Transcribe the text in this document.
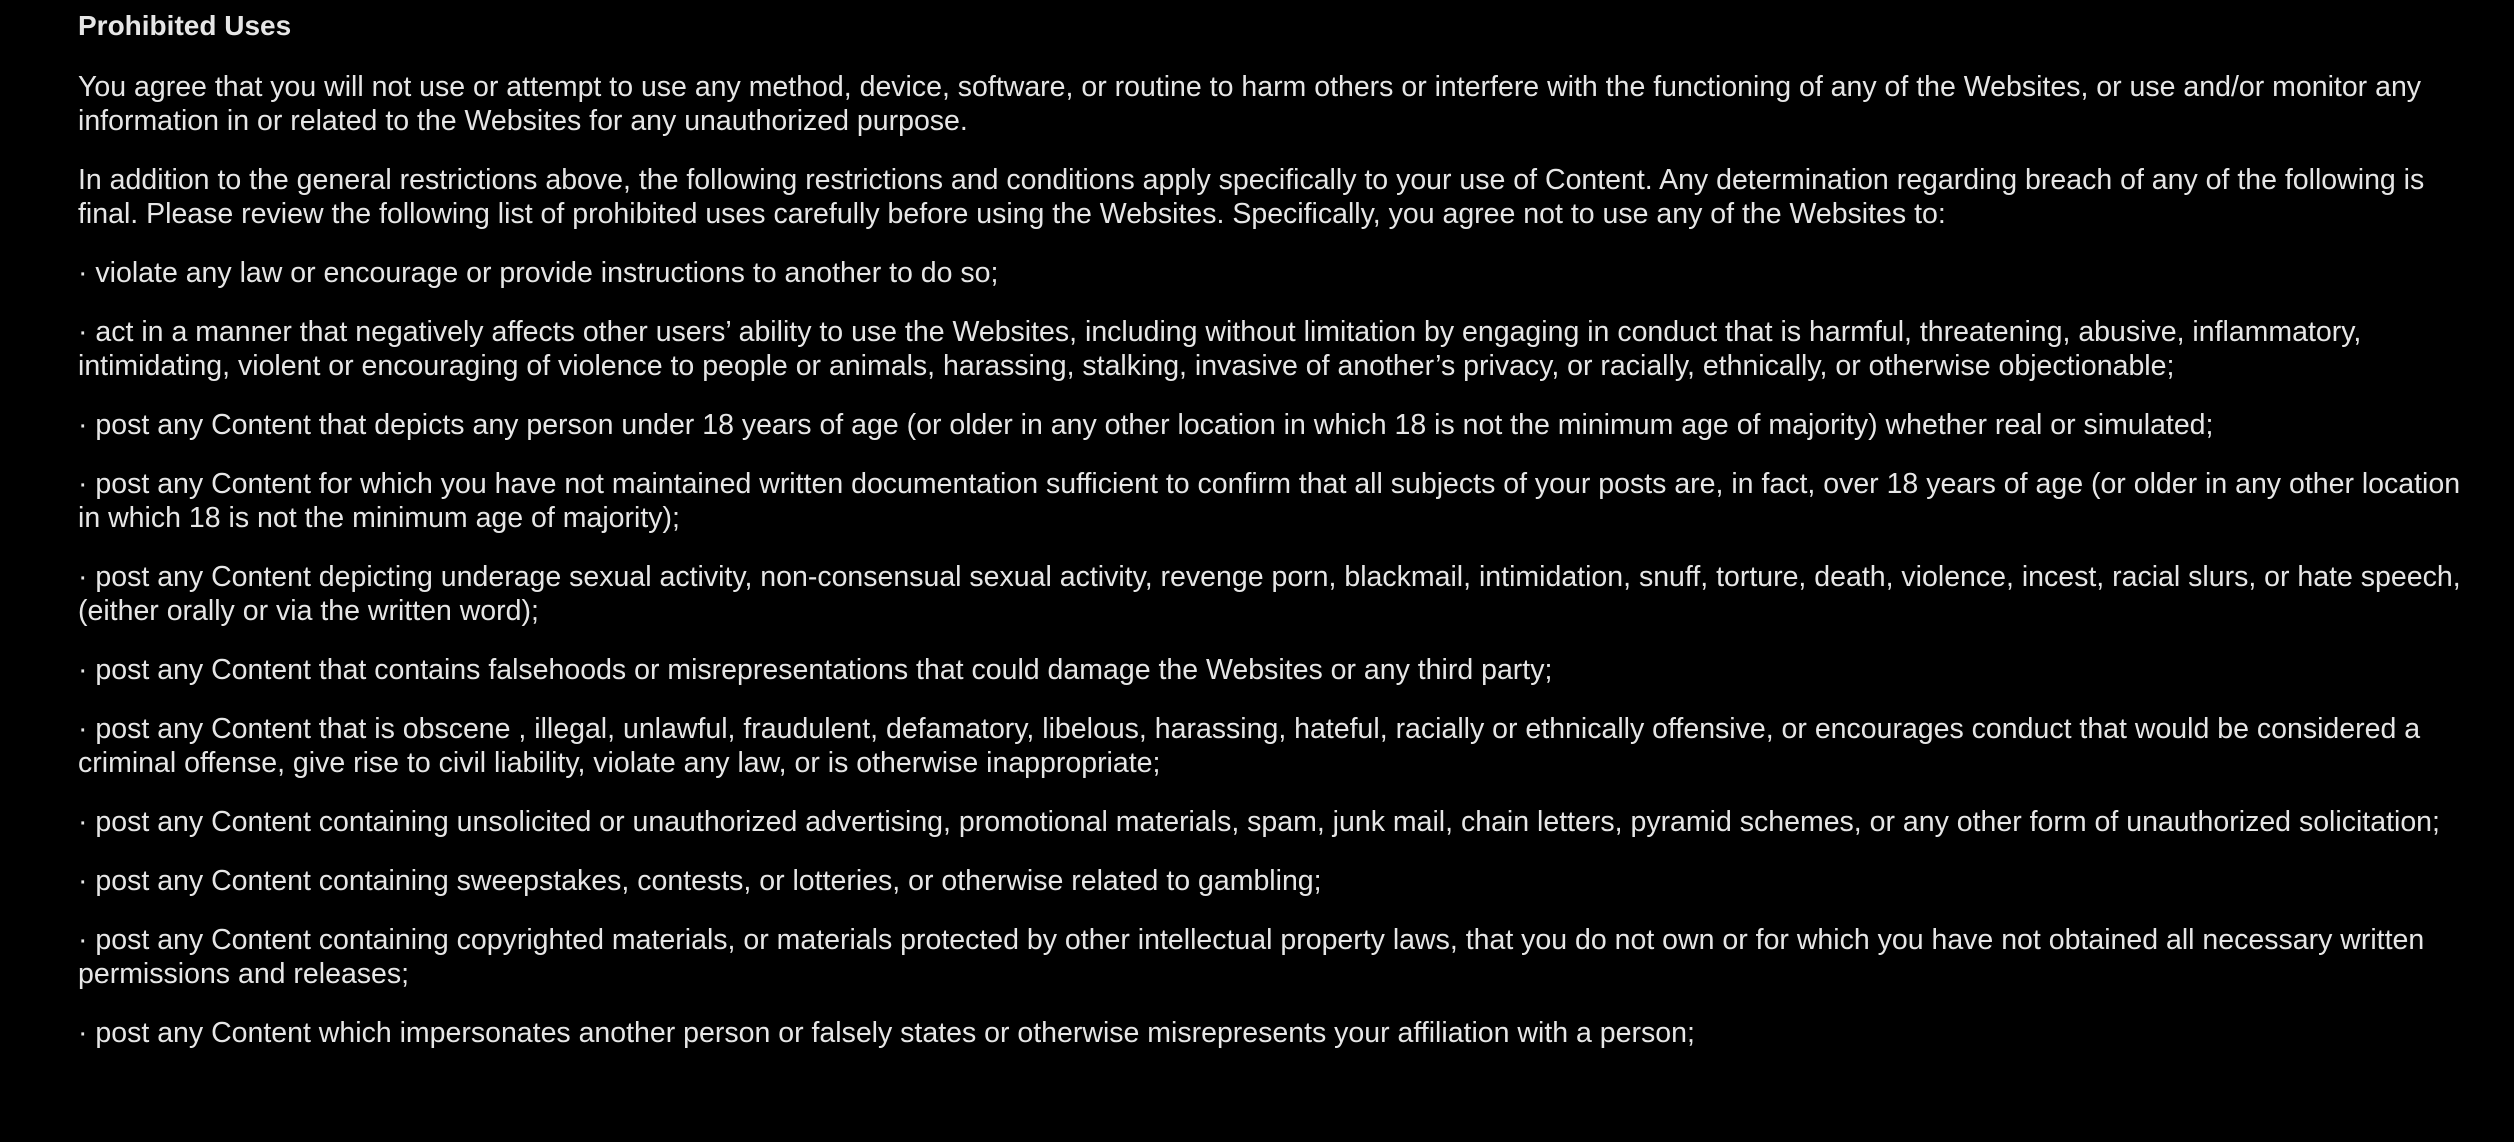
Prohibited Uses

You agree that you will not use or attempt to use any method, device, software, or routine to harm others or interfere with the functioning of any of the Websites, or use and/or monitor any information in or related to the Websites for any unauthorized purpose.

In addition to the general restrictions above, the following restrictions and conditions apply specifically to your use of Content. Any determination regarding breach of any of the following is final. Please review the following list of prohibited uses carefully before using the Websites. Specifically, you agree not to use any of the Websites to:

· violate any law or encourage or provide instructions to another to do so;

· act in a manner that negatively affects other users’ ability to use the Websites, including without limitation by engaging in conduct that is harmful, threatening, abusive, inflammatory, intimidating, violent or encouraging of violence to people or animals, harassing, stalking, invasive of another’s privacy, or racially, ethnically, or otherwise objectionable;

· post any Content that depicts any person under 18 years of age (or older in any other location in which 18 is not the minimum age of majority) whether real or simulated;

· post any Content for which you have not maintained written documentation sufficient to confirm that all subjects of your posts are, in fact, over 18 years of age (or older in any other location in which 18 is not the minimum age of majority);

· post any Content depicting underage sexual activity, non-consensual sexual activity, revenge porn, blackmail, intimidation, snuff, torture, death, violence, incest, racial slurs, or hate speech, (either orally or via the written word);

· post any Content that contains falsehoods or misrepresentations that could damage the Websites or any third party;

· post any Content that is obscene , illegal, unlawful, fraudulent, defamatory, libelous, harassing, hateful, racially or ethnically offensive, or encourages conduct that would be considered a criminal offense, give rise to civil liability, violate any law, or is otherwise inappropriate;

· post any Content containing unsolicited or unauthorized advertising, promotional materials, spam, junk mail, chain letters, pyramid schemes, or any other form of unauthorized solicitation;

· post any Content containing sweepstakes, contests, or lotteries, or otherwise related to gambling;

· post any Content containing copyrighted materials, or materials protected by other intellectual property laws, that you do not own or for which you have not obtained all necessary written permissions and releases;

· post any Content which impersonates another person or falsely states or otherwise misrepresents your affiliation with a person;
